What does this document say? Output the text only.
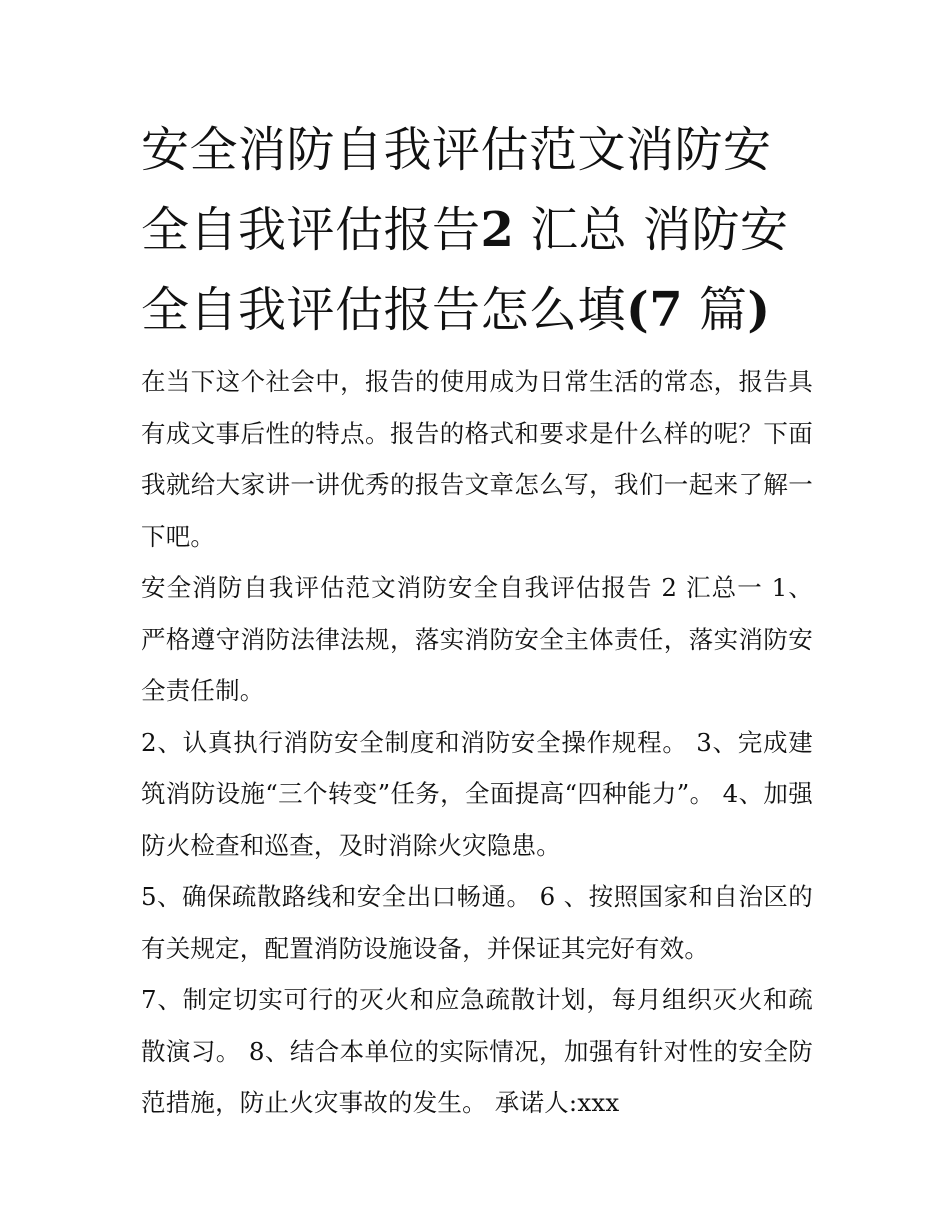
安全消防自我评估范文消防安全自我评估报告2 汇总 消防安全自我评估报告怎么填(7 篇)

在当下这个社会中，报告的使用成为日常生活的常态，报告具有成文事后性的特点。报告的格式和要求是什么样的呢？下面我就给大家讲一讲优秀的报告文章怎么写，我们一起来了解一下吧。

安全消防自我评估范文消防安全自我评估报告 2 汇总一 1、严格遵守消防法律法规，落实消防安全主体责任，落实消防安全责任制。

2、认真执行消防安全制度和消防安全操作规程。 3、完成建筑消防设施“三个转变”任务，全面提高“四种能力”。 4、加强防火检查和巡查，及时消除火灾隐患。

5、确保疏散路线和安全出口畅通。 6 、按照国家和自治区的有关规定，配置消防设施设备，并保证其完好有效。

7、制定切实可行的灭火和应急疏散计划，每月组织灭火和疏散演习。 8、结合本单位的实际情况，加强有针对性的安全防范措施，防止火灾事故的发生。 承诺人:xxx
